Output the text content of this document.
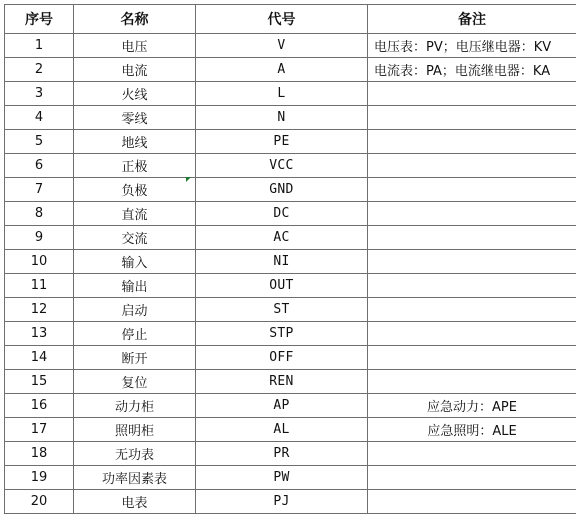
序号	名称	代号	备注
1	电压	V	电压表：PV；电压继电器：KV
2	电流	A	电流表：PA；电流继电器：KA
3	火线	L	
4	零线	N	
5	地线	PE	
6	正极	VCC	
7	负极	GND	
8	直流	DC	
9	交流	AC	
10	输入	NI	
11	输出	OUT	
12	启动	ST	
13	停止	STP	
14	断开	OFF	
15	复位	REN	
16	动力柜	AP	应急动力：APE
17	照明柜	AL	应急照明：ALE
18	无功表	PR	
19	功率因素表	PW	
20	电表	PJ	
